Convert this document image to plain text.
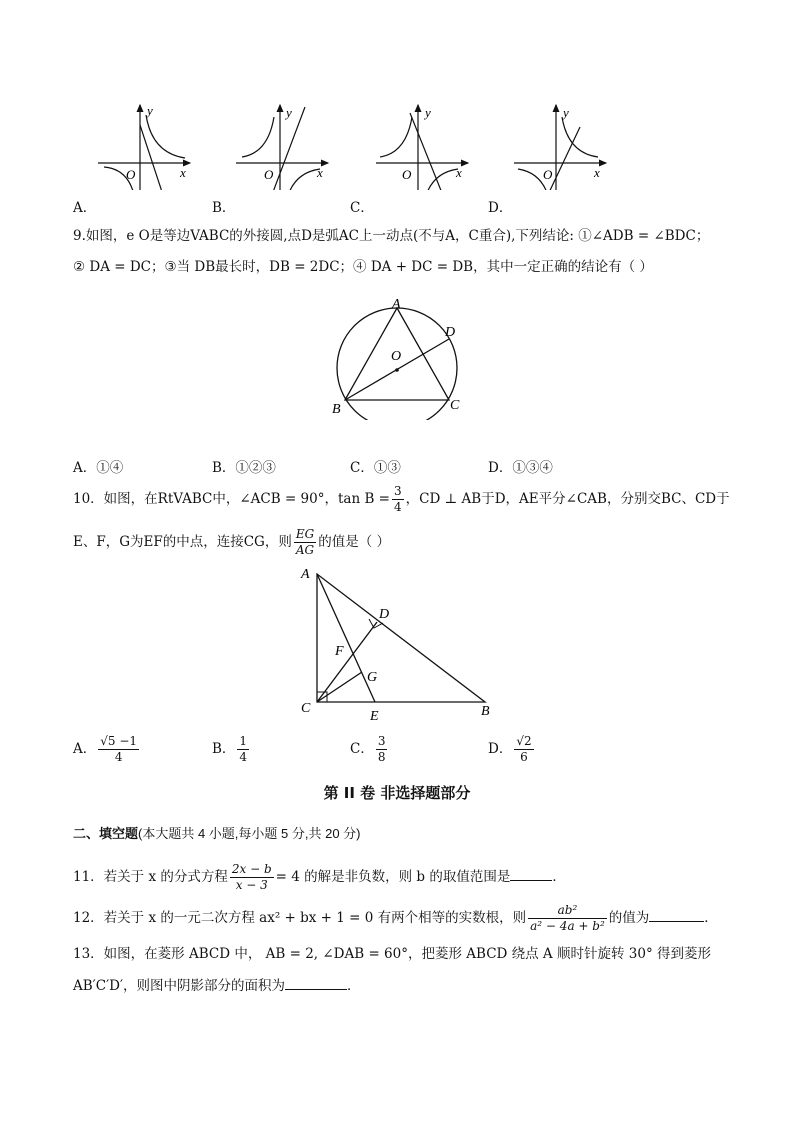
O	x
y
O	x
y
O	x
y
O	x
y
A．	B．	C．	D．
9.如图，e O是等边VABC的外接圆,点D是弧AC上一动点(不与A，C重合),下列结论: ①∠ADB = ∠BDC；
② DA = DC；③当 DB最长时，DB = 2DC；④ DA + DC = DB，其中一定正确的结论有（ ）
A
D
O
B	C
A．①④	B．①②③	C．①③	D．①③④
10．如图，在RtVABC中，∠ACB = 90°，$\tan B = \frac{3}{4}$ ，CD ⊥ AB于D，AE平分∠CAB，分别交BC、CD于
E、F，G为EF的中点，连接CG，则 $\frac{EG}{AG}$ 的值是（ ）
A
D
F
G
C
E	B
A． $\frac{√5 -1}{4}$	B． $\frac{1}{4}$	C． $\frac{3}{8}$	D． $\frac{√2}{6}$
第 II 卷 非选择题部分
二、填空题(本大题共 4 小题,每小题 5 分,共 20 分)
11．若关于 x 的分式方程 $\frac{2x - b}{x - 3} = 4$ 的解是非负数，则 b 的取值范围是	．
12．若关于 x 的一元二次方程 ax² + bx + 1 = 0 有两个相等的实数根，则 $\frac{\text{ab²}}{\text{a² − 4a + b²}}$ 的值为	．
13．如图，在菱形 ABCD 中， AB = 2, ∠DAB = 60°，把菱形 ABCD 绕点 A 顺时针旋转 30° 得到菱形
AB′C′D′，则图中阴影部分的面积为	．
